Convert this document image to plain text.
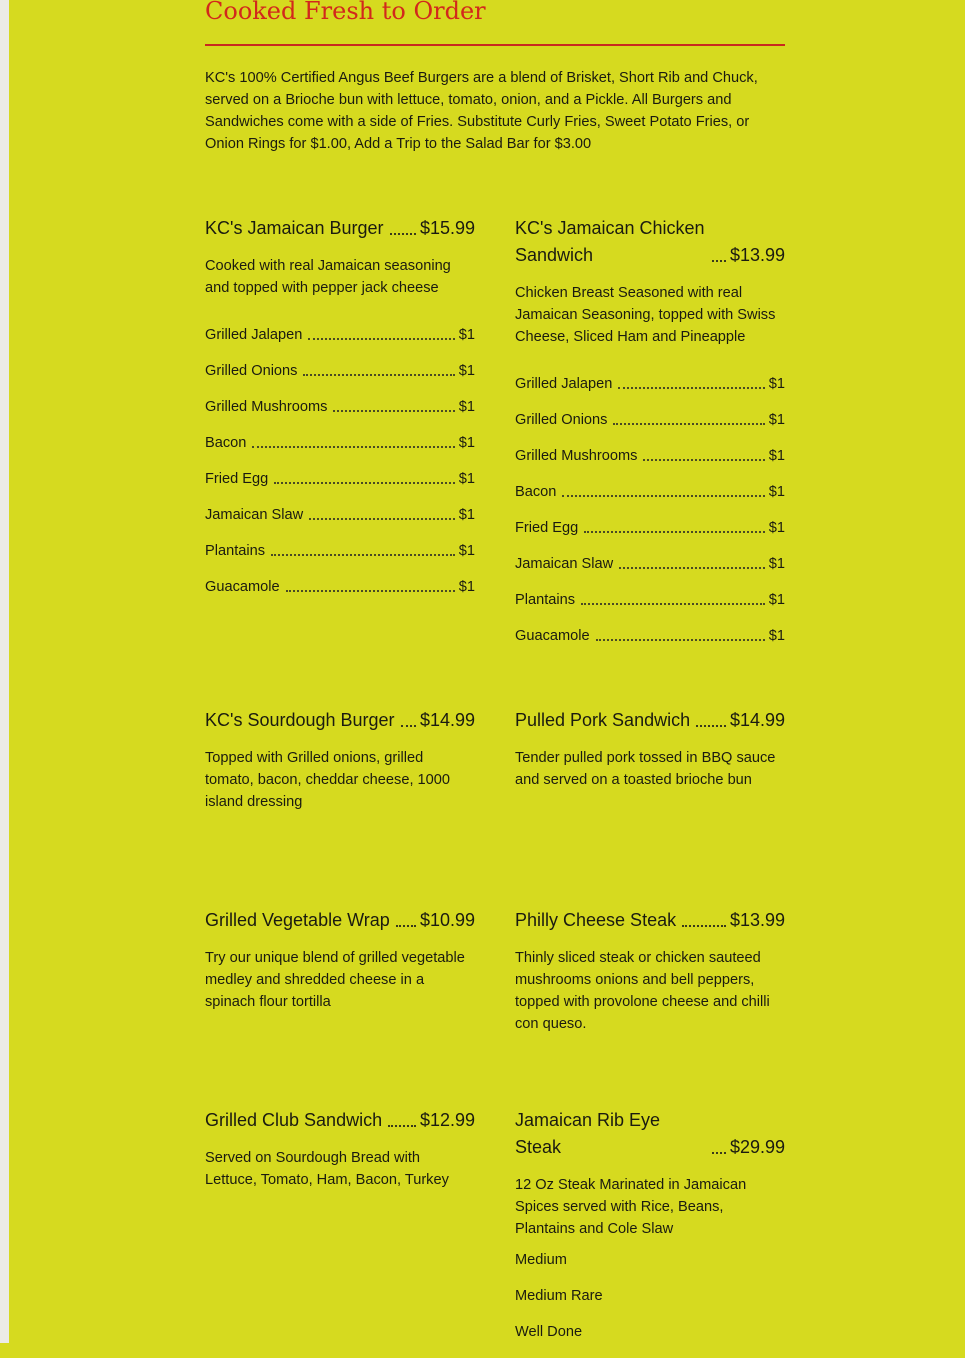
Cooked Fresh to Order

KC's 100% Certified Angus Beef Burgers are a blend of Brisket, Short Rib and Chuck, served on a Brioche bun with lettuce, tomato, onion, and a Pickle. All Burgers and Sandwiches come with a side of Fries. Substitute Curly Fries, Sweet Potato Fries, or Onion Rings for $1.00, Add a Trip to the Salad Bar for $3.00

KC's Jamaican Burger $15.99
Cooked with real Jamaican seasoning and topped with pepper jack cheese
Grilled Jalapen	$1
Grilled Onions	$1
Grilled Mushrooms	$1
Bacon	$1
Fried Egg	$1
Jamaican Slaw	$1
Plantains	$1
Guacamole	$1
KC's Jamaican Chicken Sandwich	$13.99
Chicken Breast Seasoned with real Jamaican Seasoning, topped with Swiss Cheese, Sliced Ham and Pineapple
Grilled Jalapen	$1
Grilled Onions	$1
Grilled Mushrooms	$1
Bacon	$1
Fried Egg	$1
Jamaican Slaw	$1
Plantains	$1
Guacamole	$1
KC's Sourdough Burger $14.99
Topped with Grilled onions, grilled tomato, bacon, cheddar cheese, 1000 island dressing
Pulled Pork Sandwich $14.99
Tender pulled pork tossed in BBQ sauce and served on a toasted brioche bun
Grilled Vegetable Wrap $10.99
Try our unique blend of grilled vegetable medley and shredded cheese in a spinach flour tortilla
Philly Cheese Steak	$13.99
Thinly sliced steak or chicken sauteed mushrooms onions and bell peppers, topped with provolone cheese and chilli con queso.
Grilled Club Sandwich $12.99
Served on Sourdough Bread with Lettuce, Tomato, Ham, Bacon, Turkey
Jamaican Rib Eye Steak	$29.99
12 Oz Steak Marinated in Jamaican Spices served with Rice, Beans, Plantains and Cole Slaw
Medium
Medium Rare
Well Done
